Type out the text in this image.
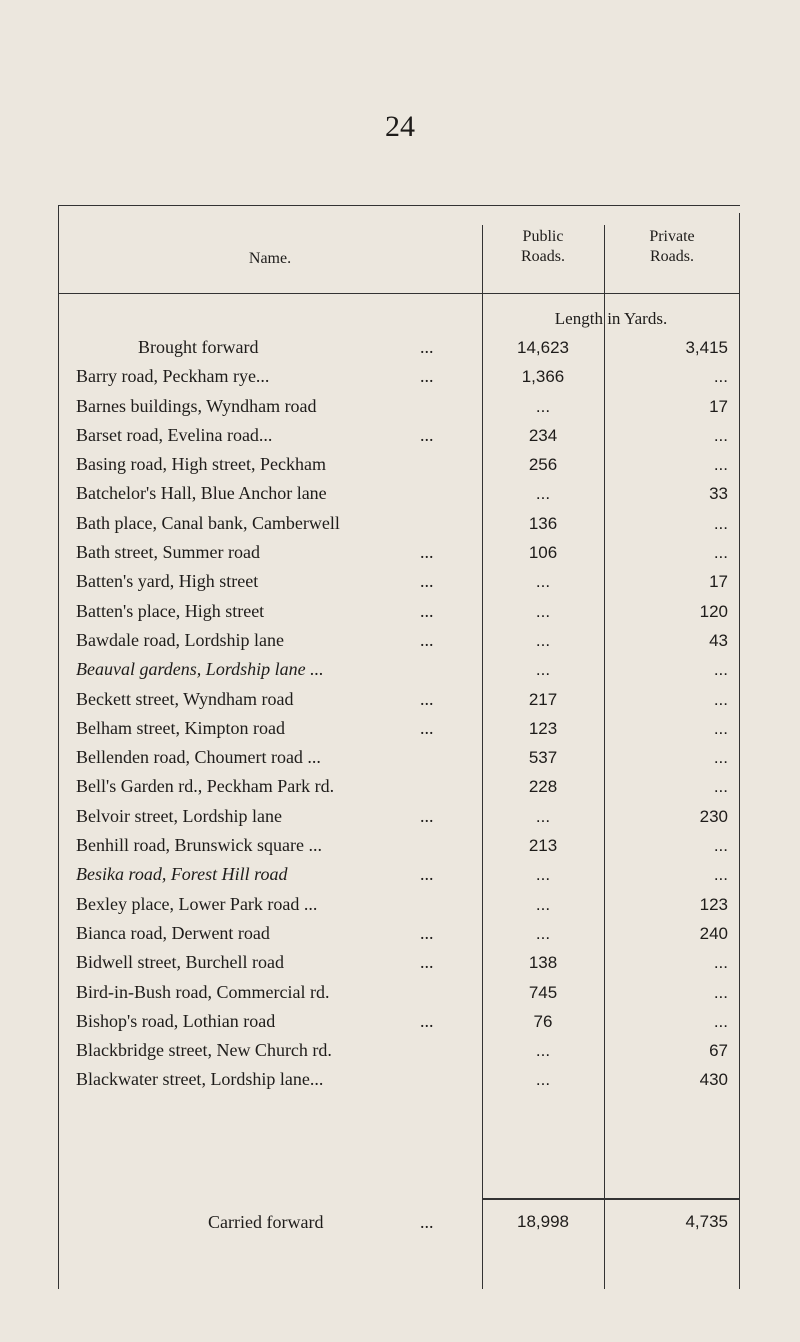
24
Name.
Public
Roads.
Private
Roads.
Length in Yards.
Brought forward	...	14,623	3,415
Barry road, Peckham rye...	...	1,366	...
Barnes buildings, Wyndham road	...	17
Barset road, Evelina road...	...	234	...
Basing road, High street, Peckham	256	...
Batchelor's Hall, Blue Anchor lane	...	33
Bath place, Canal bank, Camberwell	136	...
Bath street, Summer road	...	106	...
Batten's yard, High street	...	...	17
Batten's place, High street	...	...	120
Bawdale road, Lordship lane	...	...	43
Beauval gardens, Lordship lane ...	...	...
Beckett street, Wyndham road	...	217	...
Belham street, Kimpton road	...	123	...
Bellenden road, Choumert road ...	537	...
Bell's Garden rd., Peckham Park rd.	228	...
Belvoir street, Lordship lane	...	...	230
Benhill road, Brunswick square ...	213	...
Besika road, Forest Hill road	...	...	...
Bexley place, Lower Park road ...	...	123
Bianca road, Derwent road	...	...	240
Bidwell street, Burchell road	...	138	...
Bird-in-Bush road, Commercial rd.	745	...
Bishop's road, Lothian road	...	76	...
Blackbridge street, New Church rd.	...	67
Blackwater street, Lordship lane...	...	430
Carried forward	...	18,998	4,735
